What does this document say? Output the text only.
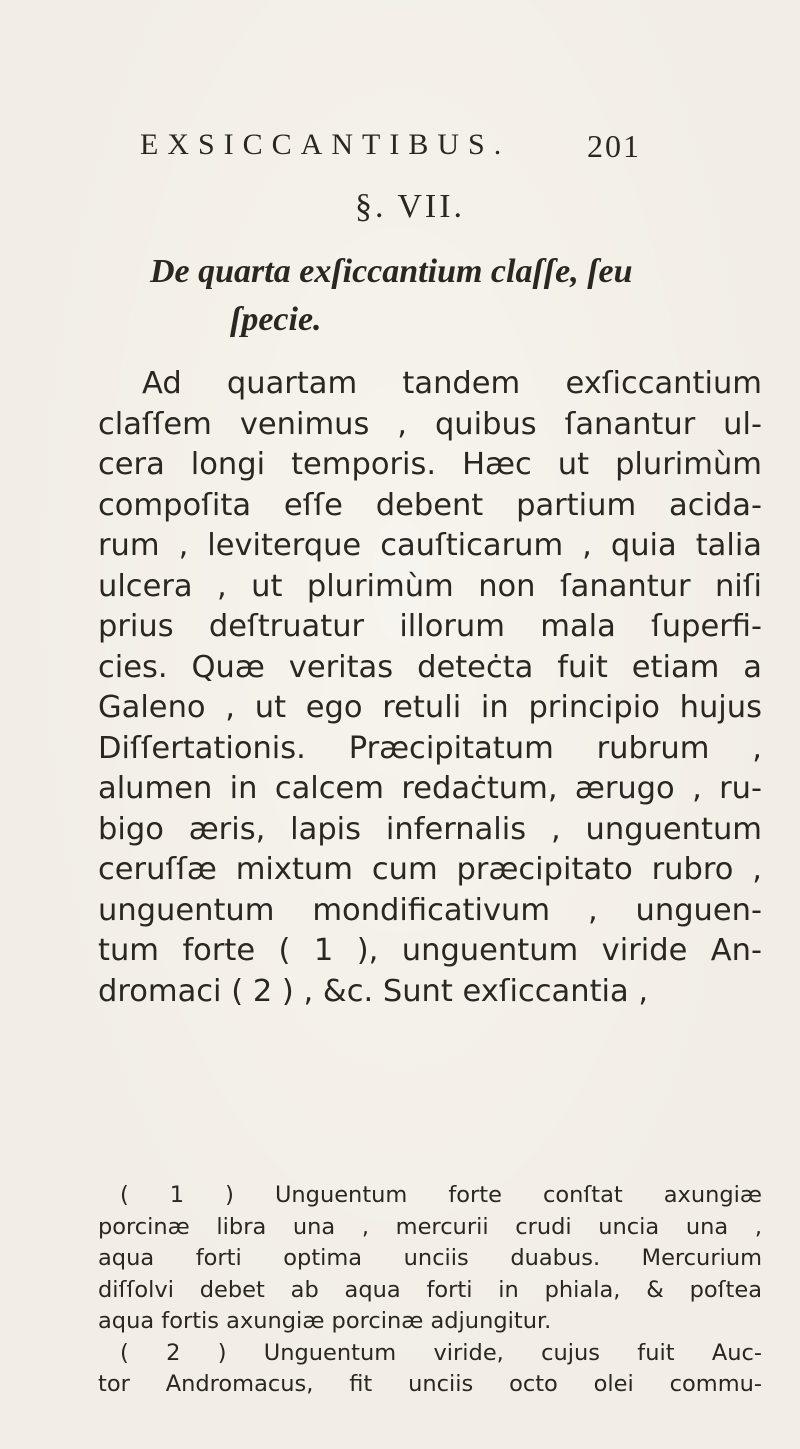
EXSICCANTIBUS. 201
§. VII.
De quarta exſiccantium claſſe, ſeu
ſpecie.
Ad quartam tandem exſiccantium
claſſem venimus , quibus ſanantur ul-
cera longi temporis. Hæc ut plurimùm
compoſita eſſe debent partium acida-
rum , leviterque cauſticarum , quia talia
ulcera , ut plurimùm non ſanantur niſi
prius deſtruatur illorum mala ſuperfi-
cies. Quæ veritas deteċta fuit etiam a
Galeno , ut ego retuli in principio hujus
Diſſertationis. Præcipitatum rubrum ,
alumen in calcem redaċtum, ærugo , ru-
bigo æris, lapis infernalis , unguentum
ceruſſæ mixtum cum præcipitato rubro ,
unguentum mondificativum , unguen-
tum forte ( 1 ), unguentum viride An-
dromaci ( 2 ) , &c. Sunt exſiccantia ,
( 1 ) Unguentum forte conſtat axungiæ
porcinæ libra una , mercurii crudi uncia una ,
aqua forti optima unciis duabus. Mercurium
diſſolvi debet ab aqua forti in phiala, & poſtea
aqua fortis axungiæ porcinæ adjungitur.
( 2 ) Unguentum viride, cujus fuit Auc-
tor Andromacus, fit unciis octo olei commu-
